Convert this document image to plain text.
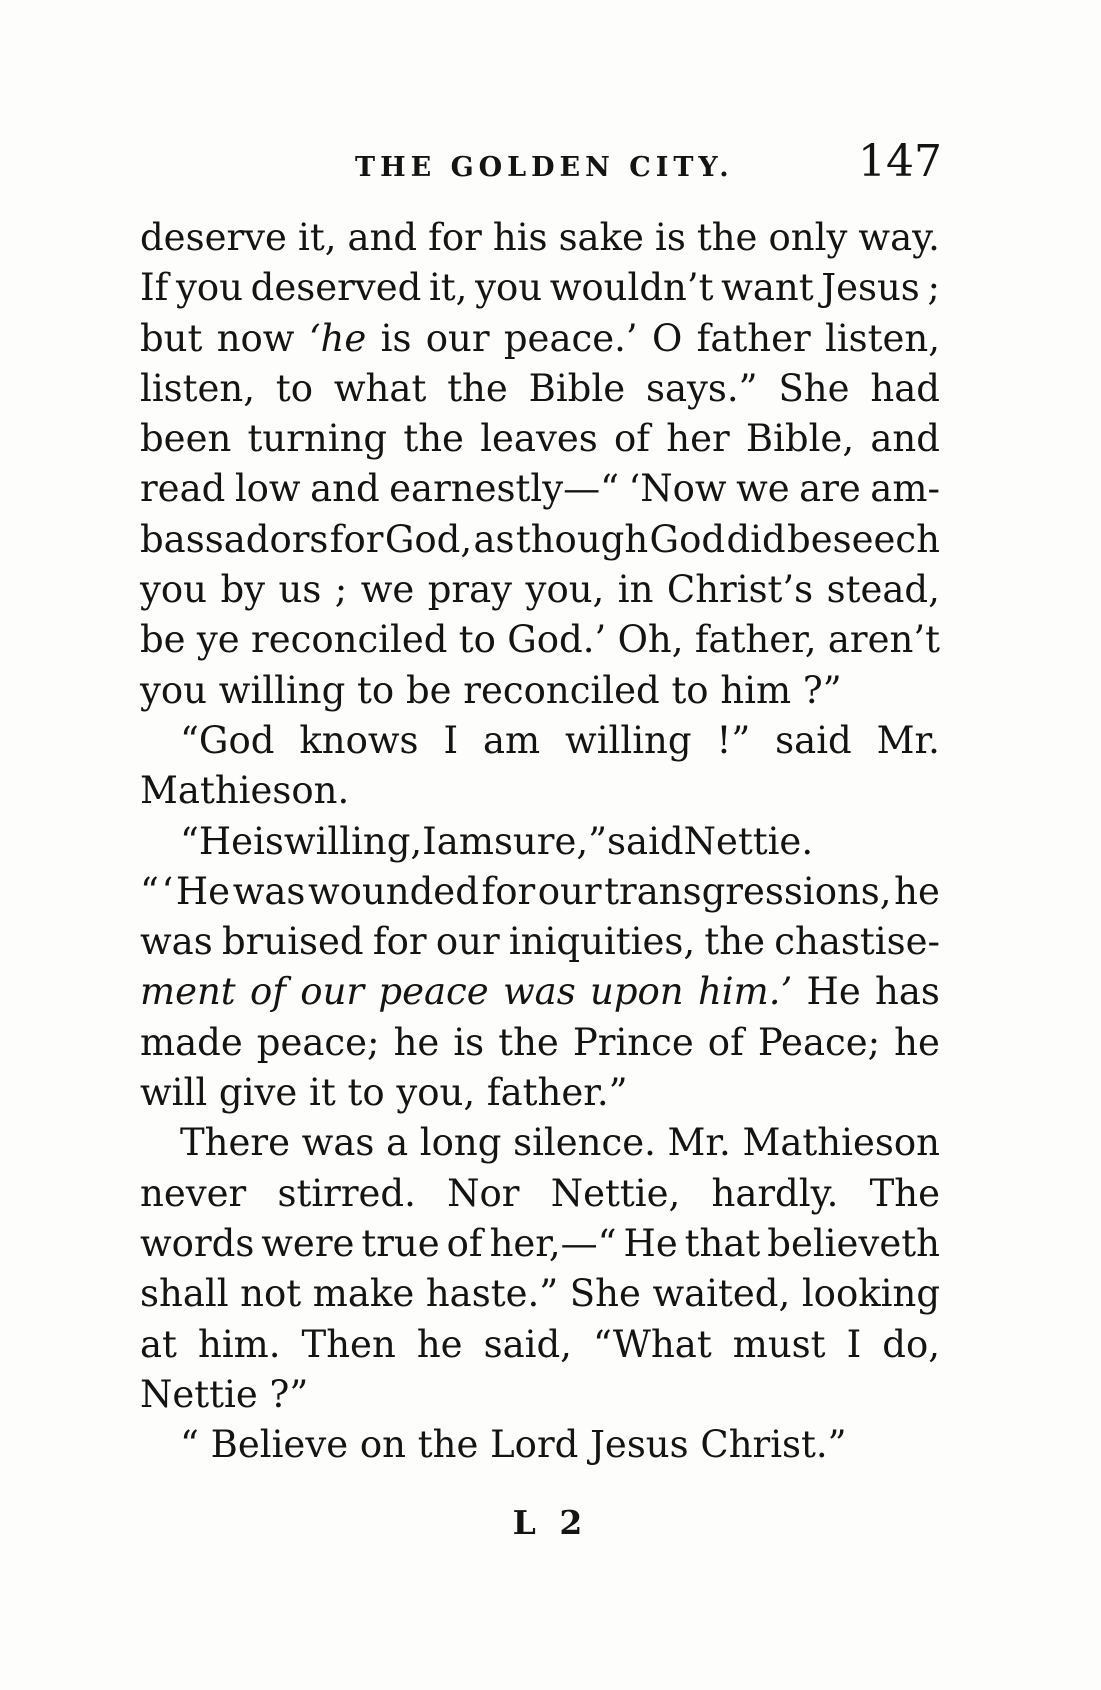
THE GOLDEN CITY.	147
deserve it, and for his sake is the only way.
If you deserved it, you wouldn’t want Jesus ;
but now ‘he is our peace.’ O father listen,
listen, to what the Bible says.” She had
been turning the leaves of her Bible, and
read low and earnestly—“ ‘Now we are am-
bassadors for God, as though God did beseech
you by us ; we pray you, in Christ’s stead,
be ye reconciled to God.’ Oh, father, aren’t
you willing to be reconciled to him ?”
“God knows I am willing !” said Mr.
Mathieson.
“Heiswilling,Iamsure,”saidNettie.
“ ‘ He was wounded for our transgressions, he
was bruised for our iniquities, the chastise-
ment of our peace was upon him.’ He has
made peace; he is the Prince of Peace; he
will give it to you, father.”
There was a long silence. Mr. Mathieson
never stirred. Nor Nettie, hardly. The
words were true of her,—“ He that believeth
shall not make haste.” She waited, looking
at him. Then he said, “What must I do,
Nettie ?”
“ Believe on the Lord Jesus Christ.”
L 2
